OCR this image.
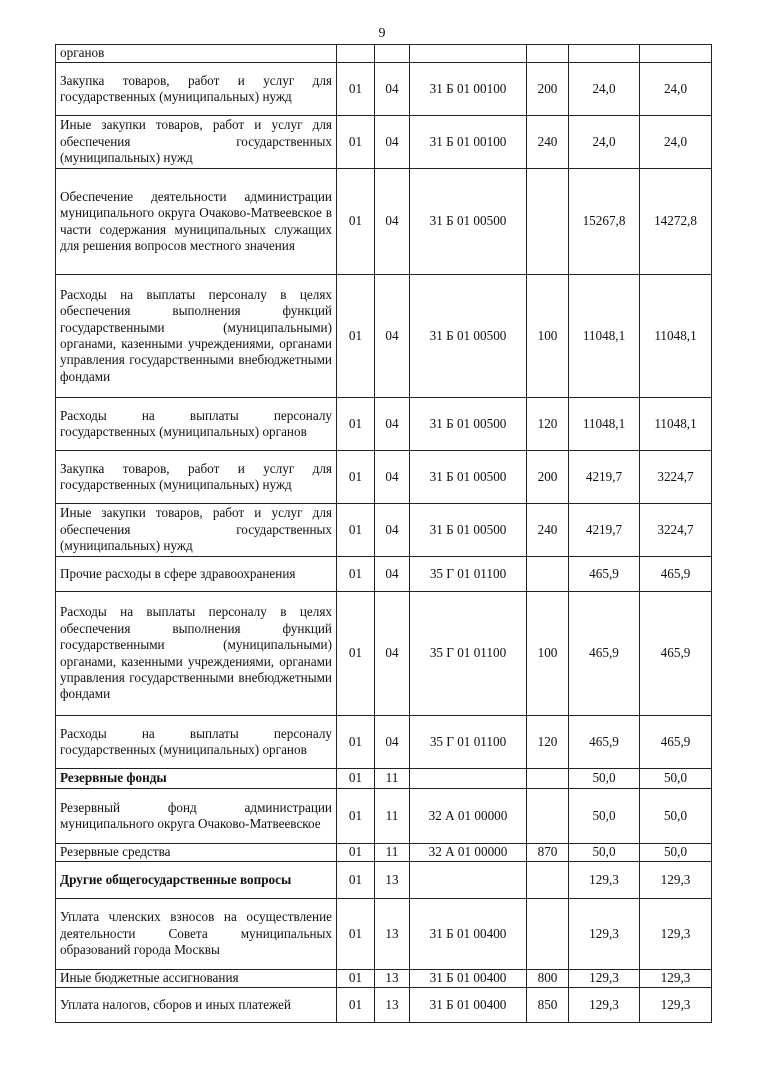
9
органов						
Закупка товаров, работ и услуг для государственных (муниципальных) нужд	01	04	31 Б 01 00100	200	24,0	24,0
Иные закупки товаров, работ и услуг для обеспечения государственных (муниципальных) нужд	01	04	31 Б 01 00100	240	24,0	24,0
Обеспечение деятельности администрации муниципального округа Очаково-Матвеевское в части содержания муниципальных служащих для решения вопросов местного значения	01	04	31 Б 01 00500		15267,8	14272,8
Расходы на выплаты персоналу в целях обеспечения выполнения функций государственными (муниципальными) органами, казенными учреждениями, органами управления государственными внебюджетными фондами	01	04	31 Б 01 00500	100	11048,1	11048,1
Расходы на выплаты персоналу государственных (муниципальных) органов	01	04	31 Б 01 00500	120	11048,1	11048,1
Закупка товаров, работ и услуг для государственных (муниципальных) нужд	01	04	31 Б 01 00500	200	4219,7	3224,7
Иные закупки товаров, работ и услуг для обеспечения государственных (муниципальных) нужд	01	04	31 Б 01 00500	240	4219,7	3224,7
Прочие расходы в сфере здравоохранения	01	04	35 Г 01 01100		465,9	465,9
Расходы на выплаты персоналу в целях обеспечения выполнения функций государственными (муниципальными) органами, казенными учреждениями, органами управления государственными внебюджетными фондами	01	04	35 Г 01 01100	100	465,9	465,9
Расходы на выплаты персоналу государственных (муниципальных) органов	01	04	35 Г 01 01100	120	465,9	465,9
Резервные фонды	01	11			50,0	50,0
Резервный фонд администрации муниципального округа Очаково-Матвеевское	01	11	32 А 01 00000		50,0	50,0
Резервные средства	01	11	32 А 01 00000	870	50,0	50,0
Другие общегосударственные вопросы	01	13			129,3	129,3
Уплата членских взносов на осуществление деятельности Совета муниципальных образований города Москвы	01	13	31 Б 01 00400		129,3	129,3
Иные бюджетные ассигнования	01	13	31 Б 01 00400	800	129,3	129,3
Уплата налогов, сборов и иных платежей	01	13	31 Б 01 00400	850	129,3	129,3
